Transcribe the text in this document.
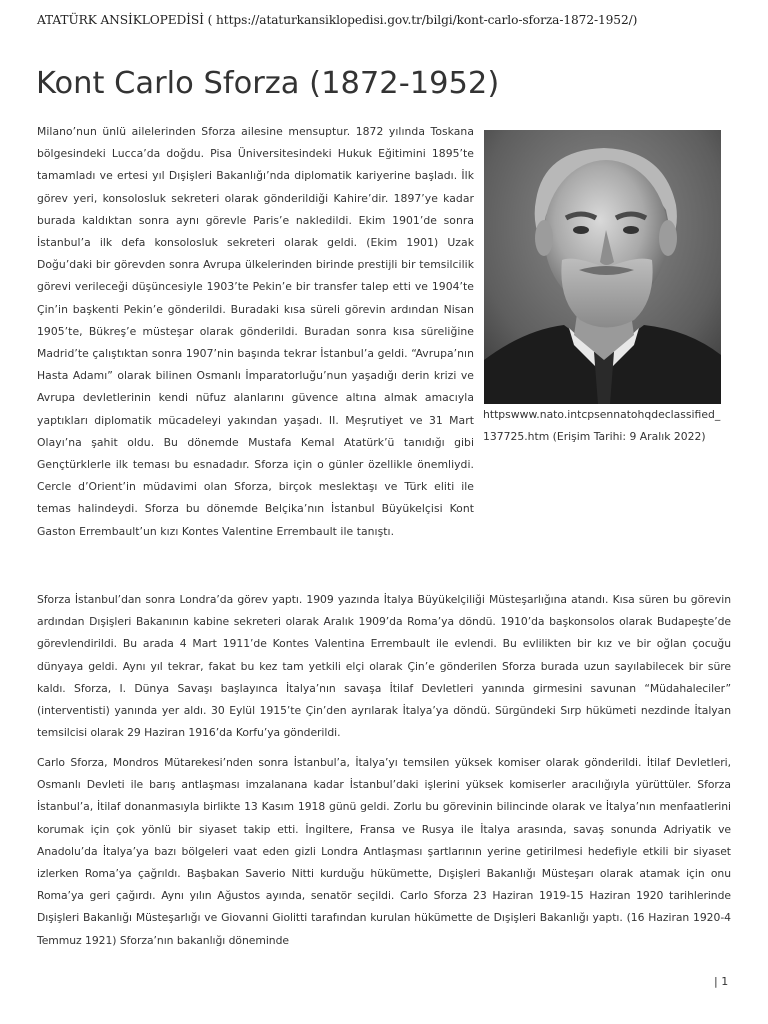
ATATÜRK ANSİKLOPEDİSİ ( https://ataturkansiklopedisi.gov.tr/bilgi/kont-carlo-sforza-1872-1952/)
Kont Carlo Sforza (1872-1952)

Milano’nun ünlü ailelerinden Sforza ailesine mensuptur. 1872 yılında Toskana bölgesindeki Lucca’da doğdu. Pisa Üniversitesindeki Hukuk Eğitimini 1895’te tamamladı ve ertesi yıl Dışişleri Bakanlığı’nda diplomatik kariyerine başladı. İlk görev yeri, konsolosluk sekreteri olarak gönderildiği Kahire’dir. 1897’ye kadar burada kaldıktan sonra aynı görevle Paris’e nakledildi. Ekim 1901’de sonra İstanbul’a ilk defa konsolosluk sekreteri olarak geldi. (Ekim 1901) Uzak Doğu’daki bir görevden sonra Avrupa ülkelerinden birinde prestijli bir temsilcilik görevi verileceği düşüncesiyle 1903’te Pekin’e bir transfer talep etti ve 1904’te Çin’in başkenti Pekin’e gönderildi. Buradaki kısa süreli görevin ardından Nisan 1905’te, Bükreş’e müsteşar olarak gönderildi. Buradan sonra kısa süreliğine Madrid’te çalıştıktan sonra 1907’nin başında tekrar İstanbul’a geldi. “Avrupa’nın Hasta Adamı” olarak bilinen Osmanlı İmparatorluğu’nun yaşadığı derin krizi ve Avrupa devletlerinin kendi nüfuz alanlarını güvence altına almak amacıyla yaptıkları diplomatik mücadeleyi yakından yaşadı. II. Meşrutiyet ve 31 Mart Olayı’na şahit oldu. Bu dönemde Mustafa Kemal Atatürk’ü tanıdığı gibi Gençtürklerle ilk teması bu esnadadır. Sforza için o günler özellikle önemliydi. Cercle d’Orient’in müdavimi olan Sforza, birçok meslektaşı ve Türk eliti ile temas halindeydi. Sforza bu dönemde Belçika’nın İstanbul Büyükelçisi Kont Gaston Errembault’un kızı Kontes Valentine Errembault ile tanıştı.

httpswww.nato.intcpsennatohqdeclassified_137725.htm (Erişim Tarihi: 9 Aralık 2022)

Sforza İstanbul’dan sonra Londra’da görev yaptı. 1909 yazında İtalya Büyükelçiliği Müsteşarlığına atandı. Kısa süren bu görevin ardından Dışişleri Bakanının kabine sekreteri olarak Aralık 1909’da Roma’ya döndü. 1910’da başkonsolos olarak Budapeşte’de görevlendirildi. Bu arada 4 Mart 1911’de Kontes Valentina Errembault ile evlendi. Bu evlilikten bir kız ve bir oğlan çocuğu dünyaya geldi. Aynı yıl tekrar, fakat bu kez tam yetkili elçi olarak Çin’e gönderilen Sforza burada uzun sayılabilecek bir süre kaldı. Sforza, I. Dünya Savaşı başlayınca İtalya’nın savaşa İtilaf Devletleri yanında girmesini savunan “Müdahaleciler” (interventisti) yanında yer aldı. 30 Eylül 1915’te Çin’den ayrılarak İtalya’ya döndü. Sürgündeki Sırp hükümeti nezdinde İtalyan temsilcisi olarak 29 Haziran 1916’da Korfu’ya gönderildi.

Carlo Sforza, Mondros Mütarekesi’nden sonra İstanbul’a, İtalya’yı temsilen yüksek komiser olarak gönderildi. İtilaf Devletleri, Osmanlı Devleti ile barış antlaşması imzalanana kadar İstanbul’daki işlerini yüksek komiserler aracılığıyla yürüttüler. Sforza İstanbul’a, İtilaf donanmasıyla birlikte 13 Kasım 1918 günü geldi. Zorlu bu görevinin bilincinde olarak ve İtalya’nın menfaatlerini korumak için çok yönlü bir siyaset takip etti. İngiltere, Fransa ve Rusya ile İtalya arasında, savaş sonunda Adriyatik ve Anadolu’da İtalya’ya bazı bölgeleri vaat eden gizli Londra Antlaşması şartlarının yerine getirilmesi hedefiyle etkili bir siyaset izlerken Roma’ya çağrıldı. Başbakan Saverio Nitti kurduğu hükümette, Dışişleri Bakanlığı Müsteşarı olarak atamak için onu Roma’ya geri çağırdı. Aynı yılın Ağustos ayında, senatör seçildi. Carlo Sforza 23 Haziran 1919-15 Haziran 1920 tarihlerinde Dışişleri Bakanlığı Müsteşarlığı ve Giovanni Giolitti tarafından kurulan hükümette de Dışişleri Bakanlığı yaptı. (16 Haziran 1920-4 Temmuz 1921) Sforza’nın bakanlığı döneminde

| 1
